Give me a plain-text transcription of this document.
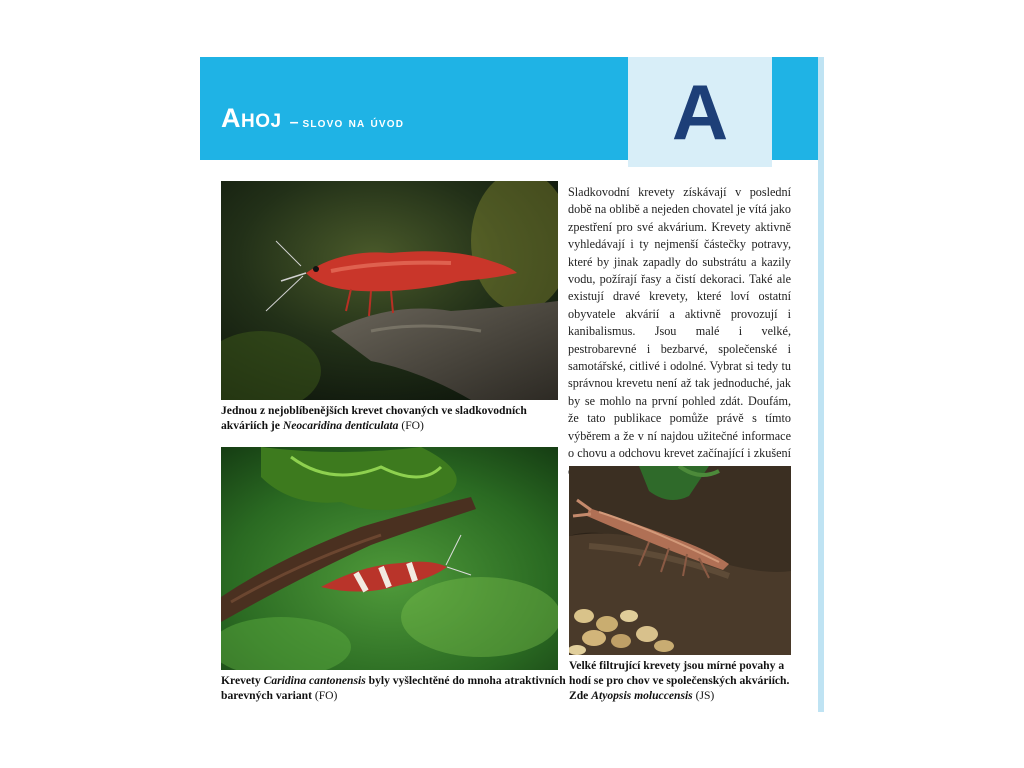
Ahoj – slovo na úvod	A
Jednou z nejoblíbenějších krevet chovaných ve sladkovodních akváriích je Neocaridina denticulata (FO)
Krevety Caridina cantonensis byly vyšlechtěné do mnoha atraktivních barevných variant (FO)
Sladkovodní krevety získávají v poslední době na oblibě a nejeden chovatel je vítá jako zpestření pro své akvárium. Krevety aktivně vyhledávají i ty nejmenší částečky potravy, které by jinak zapadly do substrátu a kazily vodu, požírají řasy a čistí dekoraci. Také ale existují dravé krevety, které loví ostatní obyvatele akvárií a aktivně provozují i kanibalismus. Jsou malé i velké, pestrobarevné i bezbarvé, společenské i samotářské, citlivé i odolné. Vybrat si tedy tu správnou krevetu není až tak jednoduché, jak by se mohlo na první pohled zdát. Doufám, že tato publikace pomůže právě s tímto výběrem a že v ní najdou užitečné informace o chovu a odchovu krevet začínající i zkušení
Velké filtrující krevety jsou mírné povahy a hodí se pro chov ve společenských akváriích. Zde Atyopsis moluccensis (JS)
